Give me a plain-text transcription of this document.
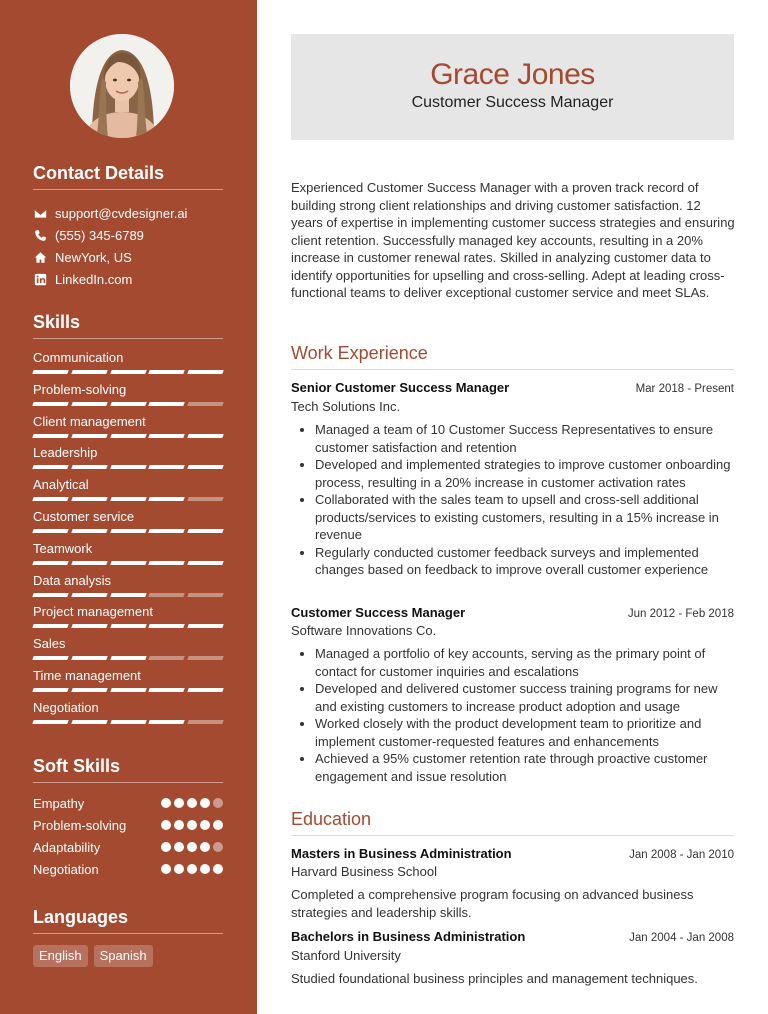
Contact Details
support@cvdesigner.ai
(555) 345-6789
NewYork, US
LinkedIn.com
Skills
Communication
Problem-solving
Client management
Leadership
Analytical
Customer service
Teamwork
Data analysis
Project management
Sales
Time management
Negotiation
Soft Skills
Empathy
Problem-solving
Adaptability
Negotiation
Languages
English	Spanish
Grace Jones
Customer Success Manager
Experienced Customer Success Manager with a proven track record of building strong client relationships and driving customer satisfaction. 12 years of expertise in implementing customer success strategies and ensuring client retention. Successfully managed key accounts, resulting in a 20% increase in customer renewal rates. Skilled in analyzing customer data to identify opportunities for upselling and cross-selling. Adept at leading cross-functional teams to deliver exceptional customer service and meet SLAs.
Work Experience
Senior Customer Success Manager	Mar 2018 - Present
Tech Solutions Inc.
Managed a team of 10 Customer Success Representatives to ensure customer satisfaction and retention
Developed and implemented strategies to improve customer onboarding process, resulting in a 20% increase in customer activation rates
Collaborated with the sales team to upsell and cross-sell additional products/services to existing customers, resulting in a 15% increase in revenue
Regularly conducted customer feedback surveys and implemented changes based on feedback to improve overall customer experience
Customer Success Manager	Jun 2012 - Feb 2018
Software Innovations Co.
Managed a portfolio of key accounts, serving as the primary point of contact for customer inquiries and escalations
Developed and delivered customer success training programs for new and existing customers to increase product adoption and usage
Worked closely with the product development team to prioritize and implement customer-requested features and enhancements
Achieved a 95% customer retention rate through proactive customer engagement and issue resolution
Education
Masters in Business Administration	Jan 2008 - Jan 2010
Harvard Business School
Completed a comprehensive program focusing on advanced business strategies and leadership skills.
Bachelors in Business Administration	Jan 2004 - Jan 2008
Stanford University
Studied foundational business principles and management techniques.
